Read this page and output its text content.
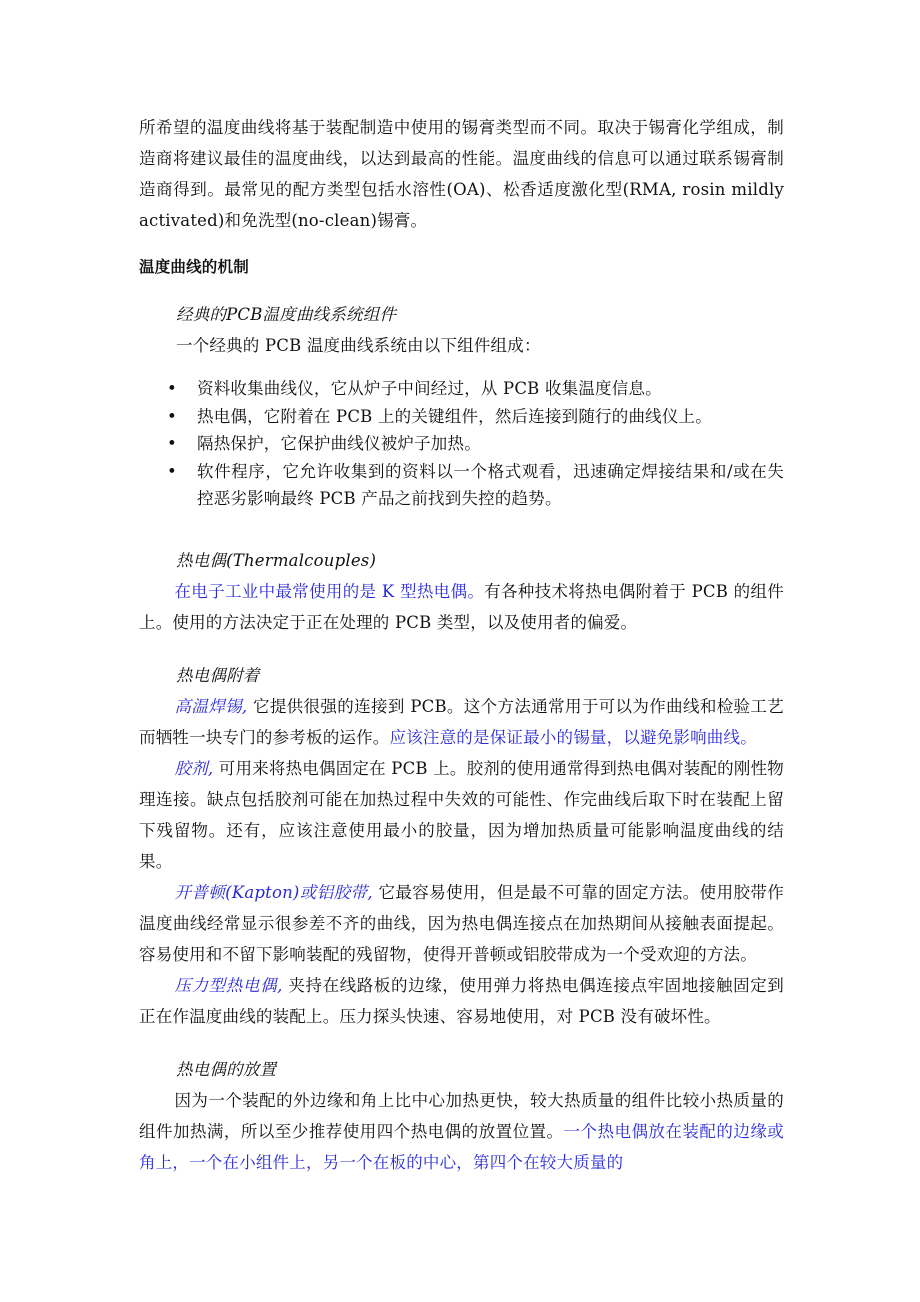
所希望的温度曲线将基于装配制造中使用的锡膏类型而不同。取决于锡膏化学组成，制造商将建议最佳的温度曲线，以达到最高的性能。温度曲线的信息可以通过联系锡膏制造商得到。最常见的配方类型包括水溶性(OA)、松香适度激化型(RMA, rosin mildly activated)和免洗型(no-clean)锡膏。

温度曲线的机制

经典的PCB温度曲线系统组件

一个经典的 PCB 温度曲线系统由以下组件组成：

• 资料收集曲线仪，它从炉子中间经过，从 PCB 收集温度信息。
• 热电偶，它附着在 PCB 上的关键组件，然后连接到随行的曲线仪上。
• 隔热保护，它保护曲线仪被炉子加热。
• 软件程序，它允许收集到的资料以一个格式观看，迅速确定焊接结果和/或在失控恶劣影响最终 PCB 产品之前找到失控的趋势。

热电偶(Thermalcouples)

在电子工业中最常使用的是 K 型热电偶。有各种技术将热电偶附着于 PCB 的组件上。使用的方法决定于正在处理的 PCB 类型，以及使用者的偏爱。

热电偶附着

高温焊锡, 它提供很强的连接到 PCB。这个方法通常用于可以为作曲线和检验工艺而牺牲一块专门的参考板的运作。应该注意的是保证最小的锡量，以避免影响曲线。

胶剂, 可用来将热电偶固定在 PCB 上。胶剂的使用通常得到热电偶对装配的刚性物理连接。缺点包括胶剂可能在加热过程中失效的可能性、作完曲线后取下时在装配上留下残留物。还有，应该注意使用最小的胶量，因为增加热质量可能影响温度曲线的结果。

开普顿(Kapton)或铝胶带, 它最容易使用，但是最不可靠的固定方法。使用胶带作温度曲线经常显示很参差不齐的曲线，因为热电偶连接点在加热期间从接触表面提起。容易使用和不留下影响装配的残留物，使得开普顿或铝胶带成为一个受欢迎的方法。

压力型热电偶, 夹持在线路板的边缘，使用弹力将热电偶连接点牢固地接触固定到正在作温度曲线的装配上。压力探头快速、容易地使用，对 PCB 没有破坏性。

热电偶的放置

因为一个装配的外边缘和角上比中心加热更快，较大热质量的组件比较小热质量的组件加热满，所以至少推荐使用四个热电偶的放置位置。一个热电偶放在装配的边缘或角上，一个在小组件上，另一个在板的中心，第四个在较大质量的
